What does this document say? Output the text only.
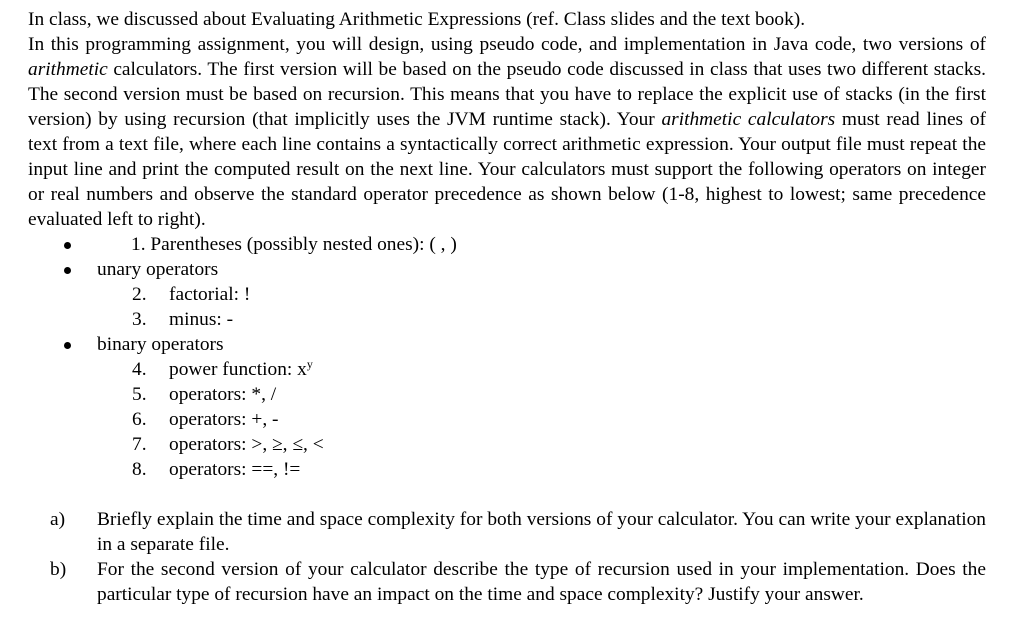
In class, we discussed about Evaluating Arithmetic Expressions (ref. Class slides and the text book).

In this programming assignment, you will design, using pseudo code, and implementation in Java code, two versions of arithmetic calculators. The first version will be based on the pseudo code discussed in class that uses two different stacks. The second version must be based on recursion. This means that you have to replace the explicit use of stacks (in the first version) by using recursion (that implicitly uses the JVM runtime stack). Your arithmetic calculators must read lines of text from a text file, where each line contains a syntactically correct arithmetic expression. Your output file must repeat the input line and print the computed result on the next line. Your calculators must support the following operators on integer or real numbers and observe the standard operator precedence as shown below (1-8, highest to lowest; same precedence evaluated left to right).

1. Parentheses (possibly nested ones): ( , )
unary operators
2. factorial: !
3. minus: -
binary operators
4. power function: $x^y$
5. operators: *, /
6. operators: +, -
7. operators: >, ≥, ≤, <
8. operators: ==, !=
a) Briefly explain the time and space complexity for both versions of your calculator. You can write your explanation in a separate file.
b) For the second version of your calculator describe the type of recursion used in your implementation. Does the particular type of recursion have an impact on the time and space complexity? Justify your answer.
